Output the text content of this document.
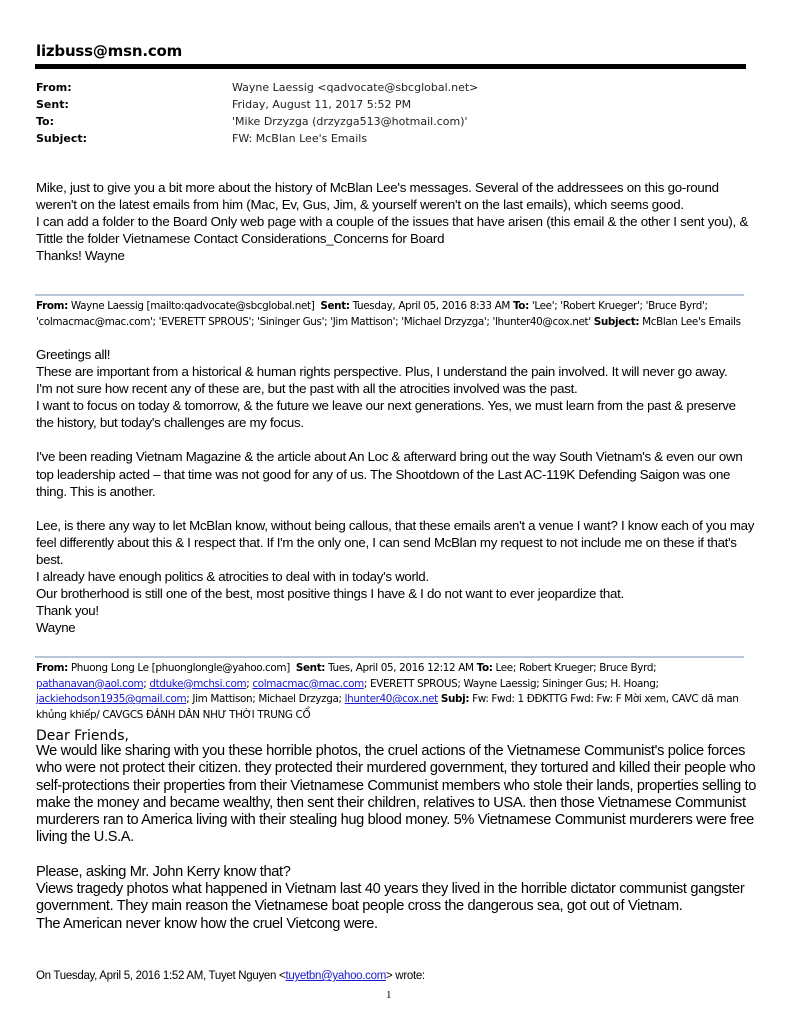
lizbuss@msn.com
From:	Wayne Laessig <qadvocate@sbcglobal.net>
Sent:	Friday, August 11, 2017 5:52 PM
To:	'Mike Drzyzga (drzyzga513@hotmail.com)'
Subject:	FW: McBlan Lee's Emails

Mike, just to give you a bit more about the history of McBlan Lee's messages. Several of the addressees on this go-round weren't on the latest emails from him (Mac, Ev, Gus, Jim, & yourself weren't on the last emails), which seems good.

I can add a folder to the Board Only web page with a couple of the issues that have arisen (this email & the other I sent you), & Tittle the folder Vietnamese Contact Considerations_Concerns for Board

Thanks! Wayne

From: Wayne Laessig [mailto:qadvocate@sbcglobal.net] Sent: Tuesday, April 05, 2016 8:33 AM To: 'Lee'; 'Robert Krueger'; 'Bruce Byrd'; 'colmacmac@mac.com'; 'EVERETT SPROUS'; 'Sininger Gus'; 'Jim Mattison'; 'Michael Drzyzga'; 'lhunter40@cox.net' Subject: McBlan Lee's Emails

Greetings all!

These are important from a historical & human rights perspective. Plus, I understand the pain involved. It will never go away.

I'm not sure how recent any of these are, but the past with all the atrocities involved was the past.

I want to focus on today & tomorrow, & the future we leave our next generations. Yes, we must learn from the past & preserve the history, but today's challenges are my focus.

I've been reading Vietnam Magazine & the article about An Loc & afterward bring out the way South Vietnam's & even our own top leadership acted – that time was not good for any of us. The Shootdown of the Last AC-119K Defending Saigon was one thing. This is another.

Lee, is there any way to let McBlan know, without being callous, that these emails aren't a venue I want? I know each of you may feel differently about this & I respect that. If I'm the only one, I can send McBlan my request to not include me on these if that's best.

I already have enough politics & atrocities to deal with in today's world.

Our brotherhood is still one of the best, most positive things I have & I do not want to ever jeopardize that.

Thank you!

Wayne

From: Phuong Long Le [phuonglongle@yahoo.com] Sent: Tues, April 05, 2016 12:12 AM To: Lee; Robert Krueger; Bruce Byrd; pathanavan@aol.com; dtduke@mchsi.com; colmacmac@mac.com; EVERETT SPROUS; Wayne Laessig; Sininger Gus; H. Hoang; jackiehodson1935@gmail.com; Jim Mattison; Michael Drzyzga; lhunter40@cox.net Subj: Fw: Fwd: 1 ĐĐKTTG Fwd: Fw: F Mời xem, CAVC dã man khủng khiếp/ CAVGCS ĐÁNH DÂN NHƯ THỜI TRUNG CỔ
Dear Friends,

We would like sharing with you these horrible photos, the cruel actions of the Vietnamese Communist's police forces who were not protect their citizen. they protected their murdered government, they tortured and killed their people who self-protections their properties from their Vietnamese Communist members who stole their lands, properties selling to make the money and became wealthy, then sent their children, relatives to USA. then those Vietnamese Communist murderers ran to America living with their stealing hug blood money. 5% Vietnamese Communist murderers were free living the U.S.A.

Please, asking Mr. John Kerry know that?

Views tragedy photos what happened in Vietnam last 40 years they lived in the horrible dictator communist gangster government. They main reason the Vietnamese boat people cross the dangerous sea, got out of Vietnam.

The American never know how the cruel Vietcong were.

On Tuesday, April 5, 2016 1:52 AM, Tuyet Nguyen <tuyetbn@yahoo.com> wrote:
1
